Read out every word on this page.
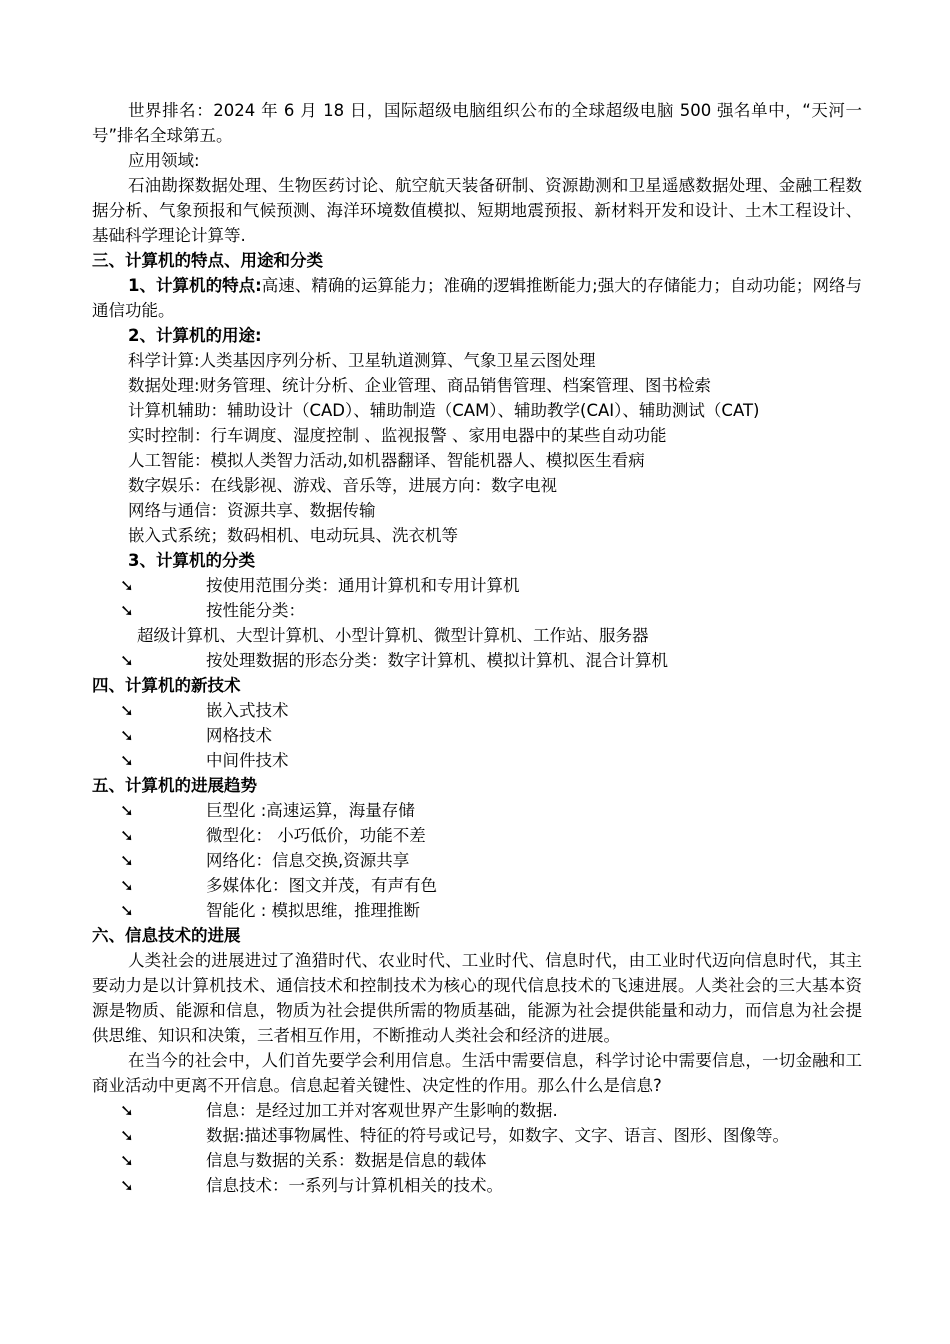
世界排名：2024 年 6 月 18 日，国际超级电脑组织公布的全球超级电脑 500 强名单中，“天河一号”排名全球第五。

应用领域:

石油勘探数据处理、生物医药讨论、航空航天装备研制、资源勘测和卫星遥感数据处理、金融工程数据分析、气象预报和气候预测、海洋环境数值模拟、短期地震预报、新材料开发和设计、土木工程设计、基础科学理论计算等.

三、计算机的特点、用途和分类

1、计算机的特点:高速、精确的运算能力；准确的逻辑推断能力;强大的存储能力；自动功能；网络与通信功能。

2、计算机的用途:

科学计算:人类基因序列分析、卫星轨道测算、气象卫星云图处理

数据处理:财务管理、统计分析、企业管理、商品销售管理、档案管理、图书检索

计算机辅助：辅助设计（CAD）、辅助制造（CAM）、辅助教学(CAI）、辅助测试（CAT)

实时控制：行车调度、湿度控制 、监视报警 、家用电器中的某些自动功能

人工智能：模拟人类智力活动,如机器翻译、智能机器人、模拟医生看病

数字娱乐：在线影视、游戏、音乐等，进展方向：数字电视

网络与通信：资源共享、数据传输

嵌入式系统；数码相机、电动玩具、洗衣机等

3、计算机的分类

➘	按使用范围分类：通用计算机和专用计算机
➘	按性能分类：

超级计算机、大型计算机、小型计算机、微型计算机、工作站、服务器

➘	按处理数据的形态分类：数字计算机、模拟计算机、混合计算机

四、计算机的新技术

➘	嵌入式技术
➘	网格技术
➘	中间件技术

五、计算机的进展趋势

➘	巨型化 :高速运算，海量存储
➘	微型化： 小巧低价，功能不差
➘	网络化：信息交换,资源共享
➘	多媒体化：图文并茂，有声有色
➘	智能化 : 模拟思维，推理推断

六、信息技术的进展

人类社会的进展进过了渔猎时代、农业时代、工业时代、信息时代，由工业时代迈向信息时代，其主要动力是以计算机技术、通信技术和控制技术为核心的现代信息技术的飞速进展。人类社会的三大基本资源是物质、能源和信息，物质为社会提供所需的物质基础，能源为社会提供能量和动力，而信息为社会提供思维、知识和决策，三者相互作用，不断推动人类社会和经济的进展。

在当今的社会中，人们首先要学会利用信息。生活中需要信息，科学讨论中需要信息，一切金融和工商业活动中更离不开信息。信息起着关键性、决定性的作用。那么什么是信息?

➘	信息：是经过加工并对客观世界产生影响的数据.
➘	数据:描述事物属性、特征的符号或记号，如数字、文字、语言、图形、图像等。
➘	信息与数据的关系：数据是信息的载体
➘	信息技术：一系列与计算机相关的技术。
